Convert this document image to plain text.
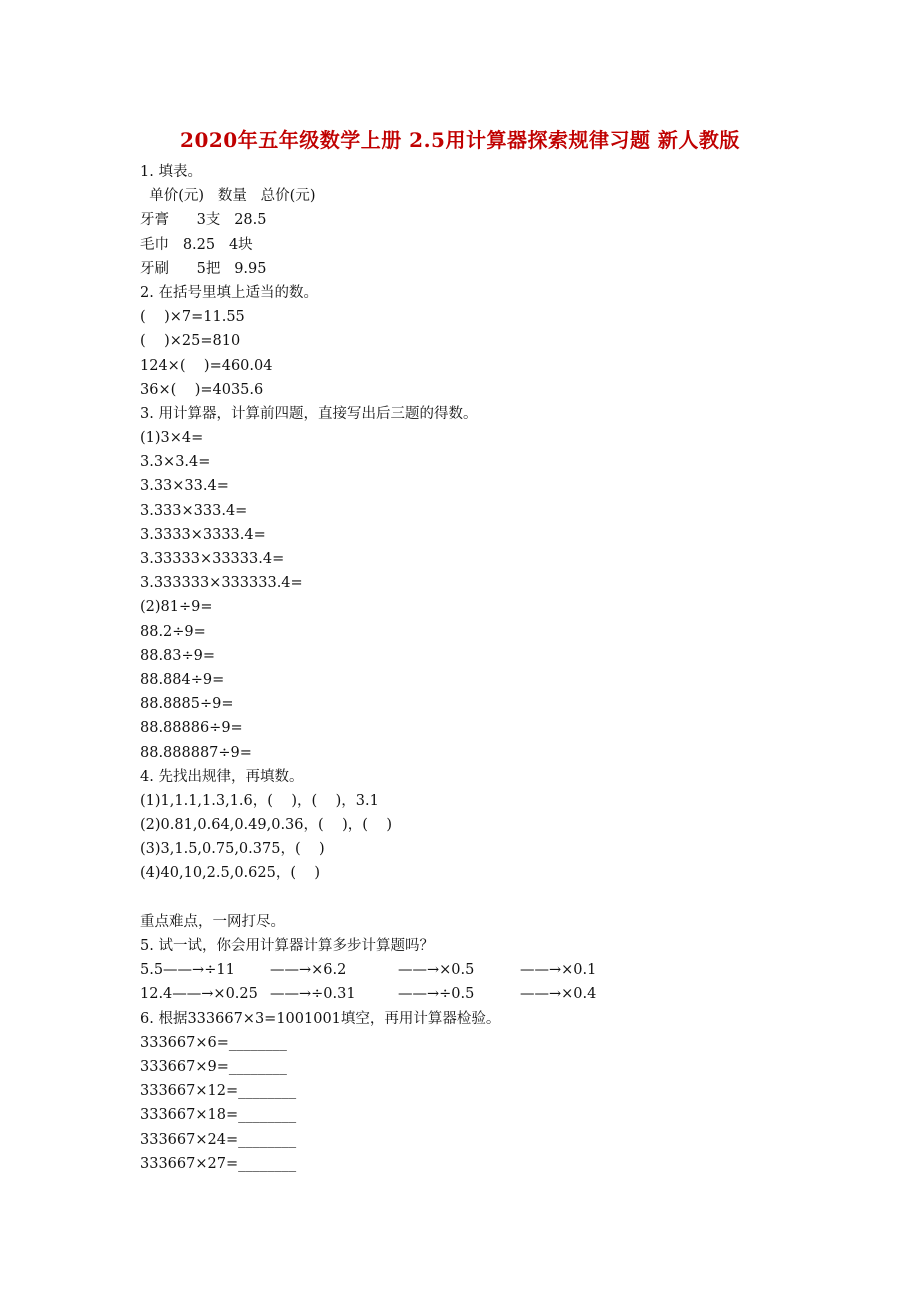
2020年五年级数学上册 2.5用计算器探索规律习题 新人教版
1. 填表。
单价(元)   数量   总价(元)
牙膏      3支   28.5
毛巾   8.25   4块
牙刷      5把   9.95
2. 在括号里填上适当的数。
(    )×7=11.55
(    )×25=810
124×(    )=460.04
36×(    )=4035.6
3. 用计算器，计算前四题，直接写出后三题的得数。
(1)3×4=
3.3×3.4=
3.33×33.4=
3.333×333.4=
3.3333×3333.4=
3.33333×33333.4=
3.333333×333333.4=
(2)81÷9=
88.2÷9=
88.83÷9=
88.884÷9=
88.8885÷9=
88.88886÷9=
88.888887÷9=
4. 先找出规律，再填数。
(1)1,1.1,1.3,1.6，(    )，(    )，3.1
(2)0.81,0.64,0.49,0.36，(    )，(    )
(3)3,1.5,0.75,0.375，(    )
(4)40,10,2.5,0.625，(    )
重点难点，一网打尽。
5. 试一试，你会用计算器计算多步计算题吗？
5.5——→÷11	——→×6.2	——→×0.5	——→×0.1
12.4——→×0.25 ——→÷0.31	——→÷0.5	——→×0.4
6. 根据333667×3=1001001填空，再用计算器检验。
333667×6=________
333667×9=________
333667×12=________
333667×18=________
333667×24=________
333667×27=________
